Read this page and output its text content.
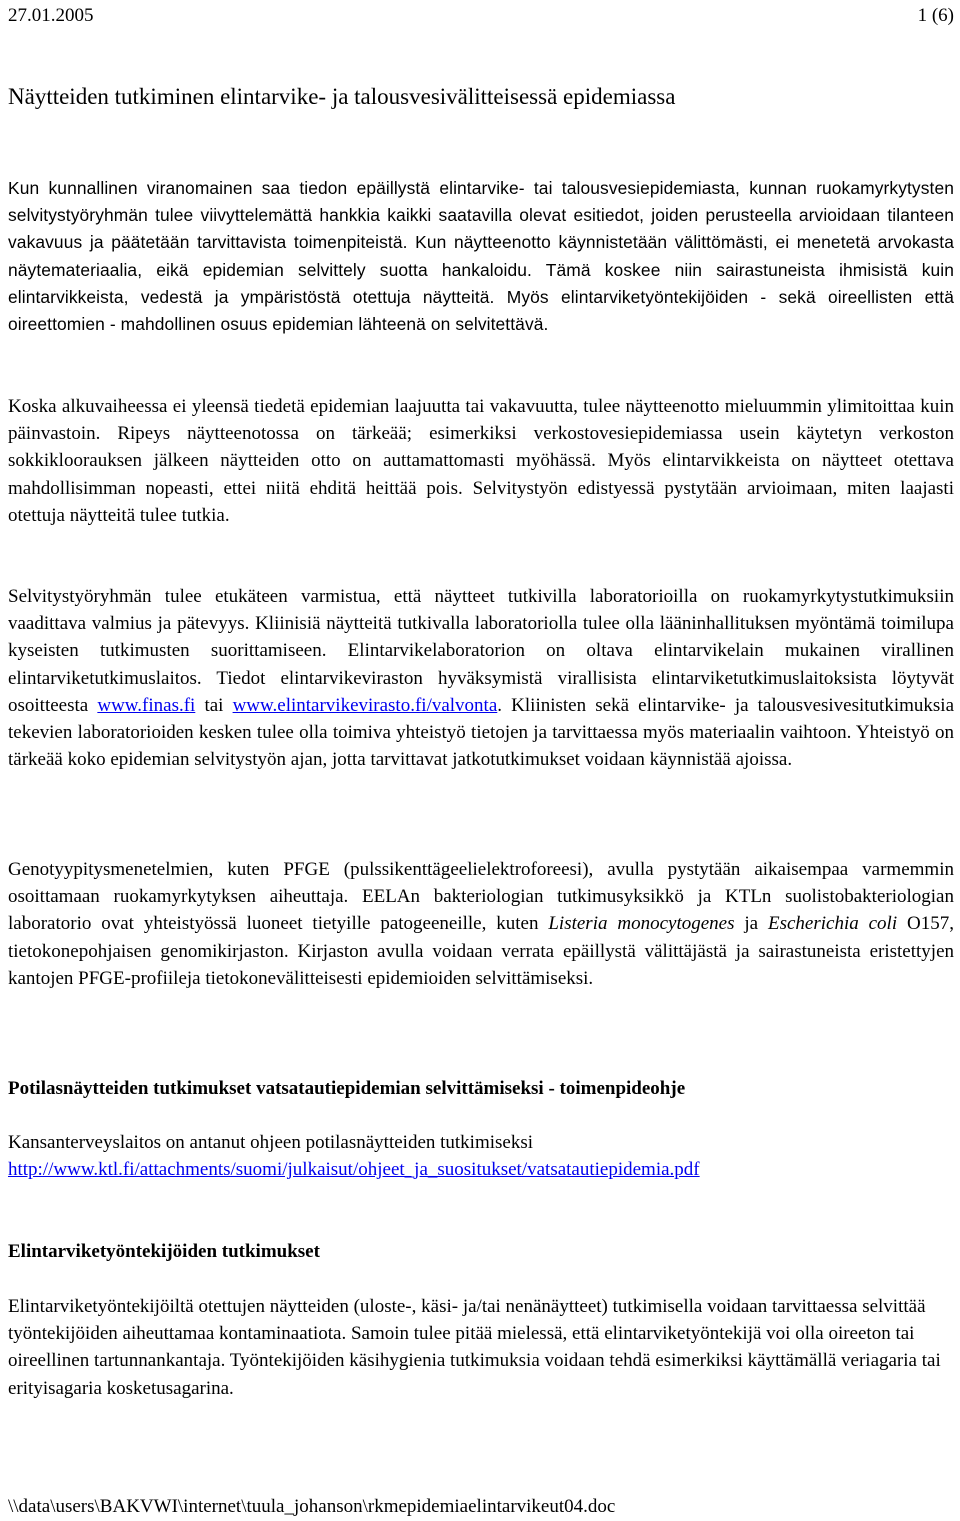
27.01.2005	1 (6)
Näytteiden tutkiminen elintarvike- ja talousvesivälitteisessä epidemiassa

Kun kunnallinen viranomainen saa tiedon epäillystä elintarvike- tai talousvesiepidemiasta, kunnan ruokamyrkytysten selvitystyöryhmän tulee viivyttelemättä hankkia kaikki saatavilla olevat esitiedot, joiden perusteella arvioidaan tilanteen vakavuus ja päätetään tarvittavista toimenpiteistä. Kun näytteenotto käynnistetään välittömästi, ei menetetä arvokasta näytemateriaalia, eikä epidemian selvittely suotta hankaloidu. Tämä koskee niin sairastuneista ihmisistä kuin elintarvikkeista, vedestä ja ympäristöstä otettuja näytteitä. Myös elintarviketyöntekijöiden - sekä oireellisten että oireettomien - mahdollinen osuus epidemian lähteenä on selvitettävä.

Koska alkuvaiheessa ei yleensä tiedetä epidemian laajuutta tai vakavuutta, tulee näytteenotto mieluummin ylimitoittaa kuin päinvastoin. Ripeys näytteenotossa on tärkeää; esimerkiksi verkostovesiepidemiassa usein käytetyn verkoston sokkikloorauksen jälkeen näytteiden otto on auttamattomasti myöhässä. Myös elintarvikkeista on näytteet otettava mahdollisimman nopeasti, ettei niitä ehditä heittää pois. Selvitystyön edistyessä pystytään arvioimaan, miten laajasti otettuja näytteitä tulee tutkia.

Selvitystyöryhmän tulee etukäteen varmistua, että näytteet tutkivilla laboratorioilla on ruokamyrkytystutkimuksiin vaadittava valmius ja pätevyys. Kliinisiä näytteitä tutkivalla laboratoriolla tulee olla lääninhallituksen myöntämä toimilupa kyseisten tutkimusten suorittamiseen. Elintarvikelaboratorion on oltava elintarvikelain mukainen virallinen elintarviketutkimuslaitos. Tiedot elintarvikeviraston hyväksymistä virallisista elintarviketutkimuslaitoksista löytyvät osoitteesta www.finas.fi tai www.elintarvikevirasto.fi/valvonta. Kliinisten sekä elintarvike- ja talousvesivesitutkimuksia tekevien laboratorioiden kesken tulee olla toimiva yhteistyö tietojen ja tarvittaessa myös materiaalin vaihtoon. Yhteistyö on tärkeää koko epidemian selvitystyön ajan, jotta tarvittavat jatkotutkimukset voidaan käynnistää ajoissa.

Genotyypitysmenetelmien, kuten PFGE (pulssikenttägeelielektroforeesi), avulla pystytään aikaisempaa varmemmin osoittamaan ruokamyrkytyksen aiheuttaja. EELAn bakteriologian tutkimusyksikkö ja KTLn suolistobakteriologian laboratorio ovat yhteistyössä luoneet tietyille patogeeneille, kuten Listeria monocytogenes ja Escherichia coli O157, tietokonepohjaisen genomikirjaston. Kirjaston avulla voidaan verrata epäillystä välittäjästä ja sairastuneista eristettyjen kantojen PFGE-profiileja tietokonevälitteisesti epidemioiden selvittämiseksi.

Potilasnäytteiden tutkimukset vatsatautiepidemian selvittämiseksi - toimenpideohje

Kansanterveyslaitos on antanut ohjeen potilasnäytteiden tutkimiseksi
http://www.ktl.fi/attachments/suomi/julkaisut/ohjeet_ja_suositukset/vatsatautiepidemia.pdf

Elintarviketyöntekijöiden tutkimukset

Elintarviketyöntekijöiltä otettujen näytteiden (uloste-, käsi- ja/tai nenänäytteet) tutkimisella voidaan tarvittaessa selvittää työntekijöiden aiheuttamaa kontaminaatiota. Samoin tulee pitää mielessä, että elintarviketyöntekijä voi olla oireeton tai oireellinen tartunnankantaja. Työntekijöiden käsihygienia tutkimuksia voidaan tehdä esimerkiksi käyttämällä veriagaria tai erityisagaria kosketusagarina.

\\data\users\BAKVWI\internet\tuula_johanson\rkmepidemiaelintarvikeut04.doc
